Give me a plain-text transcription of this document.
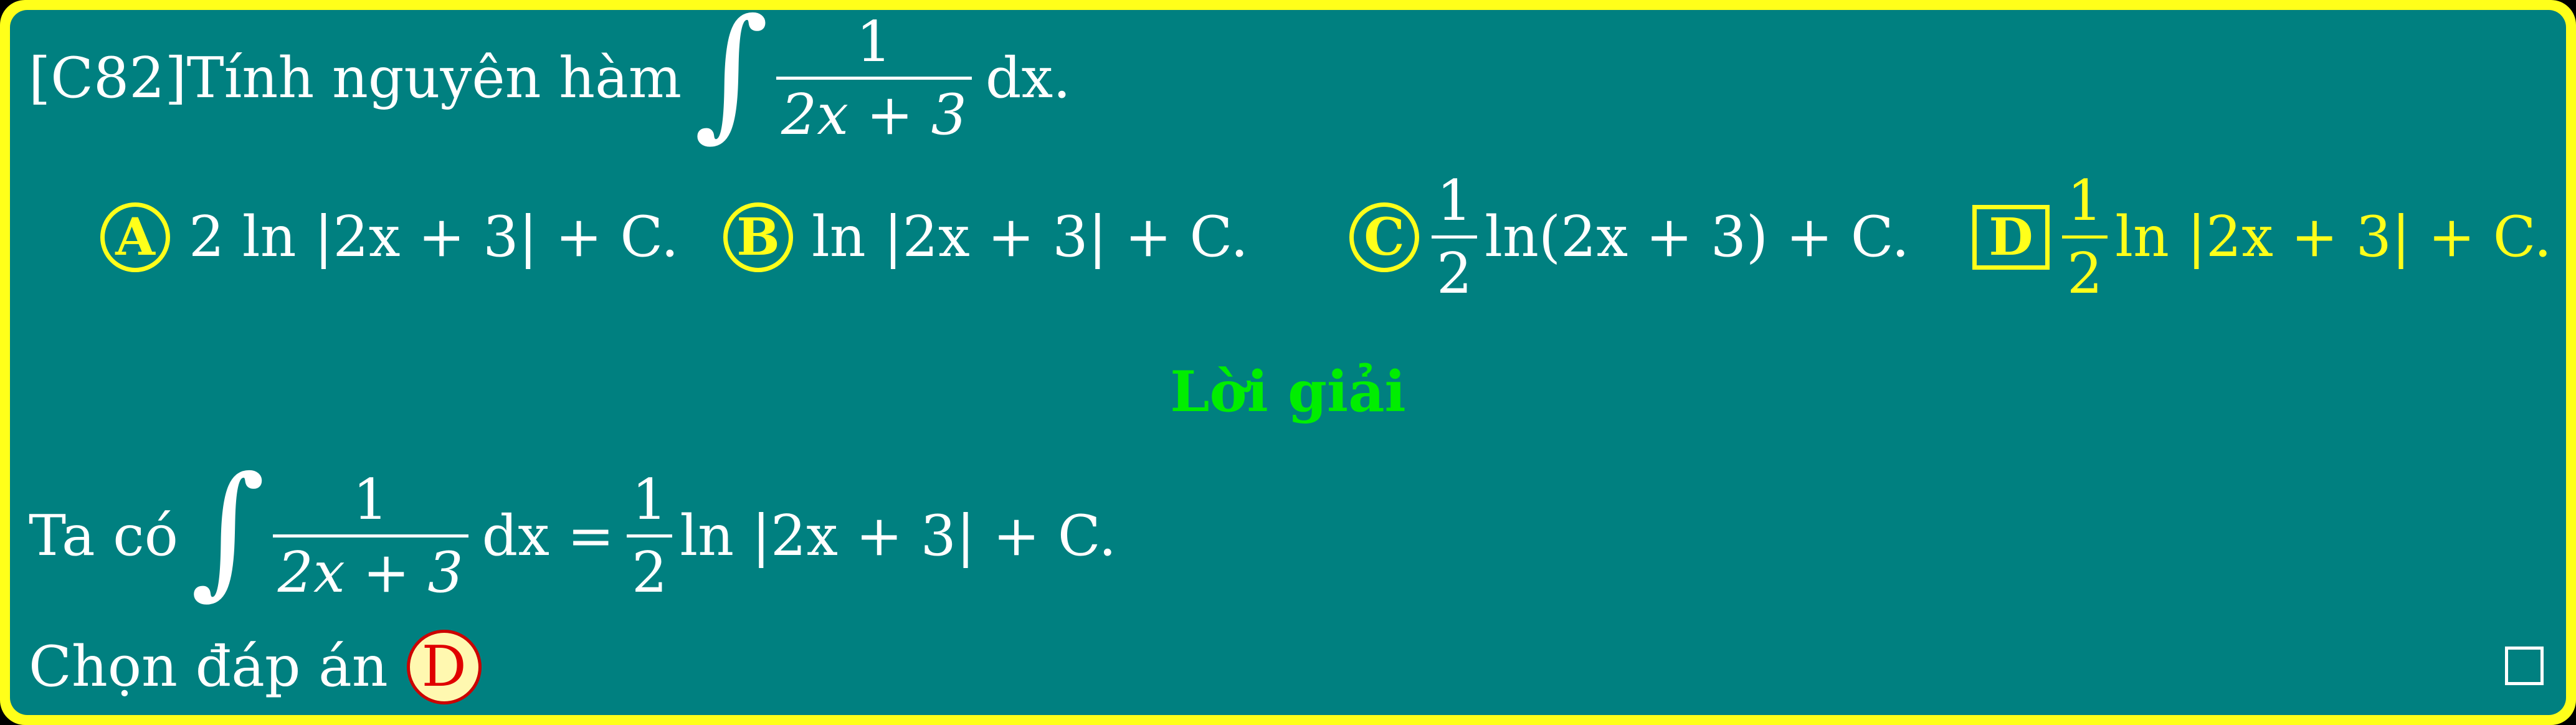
[C82]Tính nguyên hàm ∫ $\frac{1}{2x + 3}$ dx.
A 2 ln |2x + 3| + C. B ln |2x + 3| + C. C $\frac{1}{2} \ln(2x + 3) + C$.	D $\frac{1}{2}$ ln |2x + 3| + C.
Lời giải
Ta có ∫ $\frac{1}{2x + 3}$ dx = $\frac{1}{2}$ ln |2x + 3| + C.
Chọn đáp án D
